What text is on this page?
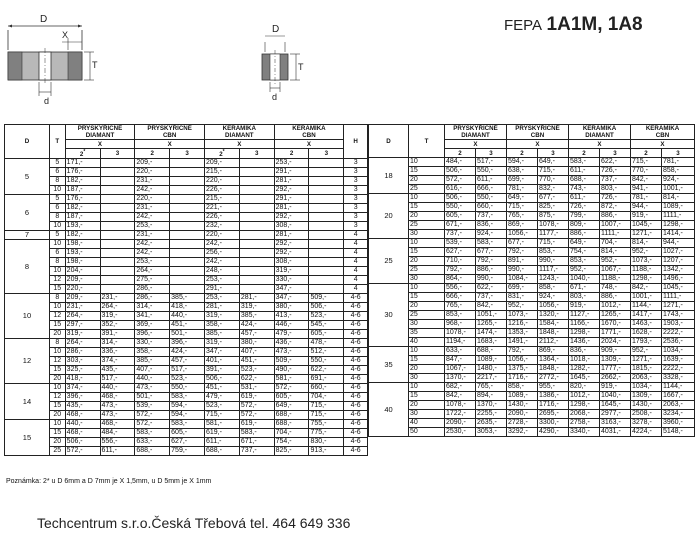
D
X
T
d
D
T
d
FEPA 1A1M, 1A8
D	T	PRYSKYŘIČNÉ
DIAMANT		PRYSKYŘIČNÉ
CBN		KERAMIKA
DIAMANT		KERAMIKA
CBN		H
		X		X		X		X		
		2*	3	2	3	2*	3	2	3	
5	5	171,-		209,-		209,-		253,-		3
	6	176,-		220,-		215,-		291,-		3
	8	182,-		231,-		220,-		281,-		3
	10	187,-		242,-		226,-		292,-		3
6	5	176,-		220,-		215,-		291,-		3
	6	182,-		231,-		221,-		281,-		3
	8	187,-		242,-		226,-		292,-		3
	10	193,-		253,-		232,-		308,-		3
7	5	182,-		231,-		220,-		281,-		4
8	10	198,-		242,-		242,-		292,-		4
	6	193,-		242,-		256,-		292,-		4
	8	198,-		253,-		242,-		308,-		4
	10	204,-		264,-		248,-		319,-		4
	12	209,-		275,-		253,-		330,-		4
	15	220,-		286,-		291,-		347,-		4
10	8	209,-	231,-	286,-	385,-	253,-	281,-	347,-	509,-	4-6
	10	231,-	264,-	314,-	418,-	281,-	319,-	380,-	506,-	4-6
	12	264,-	319,-	341,-	440,-	319,-	385,-	413,-	523,-	4-6
	15	297,-	352,-	369,-	451,-	358,-	424,-	446,-	545,-	4-6
	20	319,-	391,-	396,-	501,-	385,-	457,-	479,-	605,-	4-6
12	8	264,-	314,-	330,-	396,-	319,-	380,-	436,-	478,-	4-6
	10	286,-	336,-	358,-	424,-	347,-	407,-	473,-	512,-	4-6
	12	303,-	374,-	385,-	457,-	401,-	451,-	509,-	550,-	4-6
	15	325,-	435,-	407,-	517,-	391,-	523,-	490,-	622,-	4-6
	20	418,-	517,-	440,-	523,-	506,-	622,-	581,-	691,-	4-6
14	10	374,-	440,-	473,-	550,-	451,-	531,-	572,-	660,-	4-6
	12	396,-	468,-	501,-	583,-	479,-	619,-	605,-	704,-	4-6
	15	435,-	473,-	539,-	594,-	523,-	572,-	649,-	715,-	4-6
	20	468,-	473,-	572,-	594,-	715,-	572,-	688,-	715,-	4-6
15	10	440,-	468,-	572,-	583,-	581,-	619,-	688,-	755,-	4-6
	15	468,-	484,-	583,-	605,-	619,-	583,-	704,-	775,-	4-6
	20	506,-	556,-	633,-	627,-	611,-	671,-	754,-	830,-	4-6
	25	572,-	611,-	688,-	759,-	688,-	737,-	825,-	913,-	4-6
D	T	PRYSKYŘIČNÉ
DIAMANT		PRYSKYŘIČNÉ
CBN		KERAMIKA
DIAMANT		KERAMIKA
CBN	
		X		X		X		X	
		2	3	2	3	2	3	2	3
18	10	484,-	517,-	594,-	649,-	583,-	622,-	715,-	781,-
	15	506,-	550,-	638,-	715,-	611,-	726,-	770,-	858,-
	20	572,-	611,-	699,-	770,-	688,-	737,-	842,-	924,-
	25	616,-	666,-	781,-	832,-	743,-	803,-	941,-	1001,-
20	10	506,-	550,-	649,-	677,-	611,-	726,-	781,-	814,-
	15	550,-	660,-	715,-	825,-	726,-	872,-	944,-	1089,-
	20	605,-	737,-	765,-	875,-	799,-	886,-	919,-	1111,-
	25	671,-	836,-	869,-	1078,-	809,-	1007,-	1045,-	1298,-
	30	737,-	924,-	1056,-	1177,-	886,-	1111,-	1271,-	1414,-
25	10	539,-	583,-	677,-	715,-	649,-	704,-	814,-	944,-
	15	627,-	677,-	792,-	853,-	754,-	814,-	952,-	1027,-
	20	710,-	792,-	891,-	990,-	853,-	952,-	1073,-	1207,-
	25	792,-	886,-	990,-	1117,-	952,-	1067,-	1188,-	1342,-
	30	864,-	990,-	1084,-	1243,-	1040,-	1188,-	1298,-	1496,-
30	10	556,-	622,-	699,-	858,-	671,-	748,-	842,-	1045,-
	15	666,-	737,-	831,-	924,-	803,-	886,-	1001,-	1111,-
	20	765,-	842,-	952,-	1056,-	919,-	1012,-	1144,-	1271,-
	25	853,-	1051,-	1073,-	1320,-	1127,-	1265,-	1417,-	1743,-
	30	968,-	1265,-	1216,-	1584,-	1166,-	1670,-	1463,-	1903,-
	35	1078,-	1474,-	1353,-	1848,-	1298,-	1771,-	1628,-	2222,-
	40	1194,-	1683,-	1491,-	2112,-	1436,-	2024,-	1793,-	2536,-
35	10	633,-	688,-	792,-	869,-	836,-	909,-	952,-	1034,-
	15	847,-	1089,-	1056,-	1364,-	1018,-	1309,-	1271,-	1639,-
	20	1067,-	1480,-	1375,-	1848,-	1282,-	1777,-	1815,-	2222,-
	30	1370,-	2217,-	1716,-	2772,-	1645,-	2662,-	2063,-	3328,-
40	10	682,-	765,-	858,-	955,-	820,-	919,-	1034,-	1144,-
	15	842,-	894,-	1089,-	1386,-	1012,-	1040,-	1309,-	1667,-
	20	1078,-	1370,-	1430,-	1716,-	1298,-	1645,-	1430,-	2063,-
	30	1722,-	2255,-	2090,-	2695,-	2068,-	2977,-	2508,-	3234,-
	40	2090,-	2635,-	2728,-	3300,-	2758,-	3163,-	3278,-	3960,-
	50	2530,-	3053,-	3292,-	4290,-	3340,-	4031,-	4224,-	5148,-
Poznámka: 2* u D 6mm a D 7mm je X 1,5mm, u D 5mm je X 1mm
Techcentrum s.r.o.Česká Třebová tel. 464 649 336
